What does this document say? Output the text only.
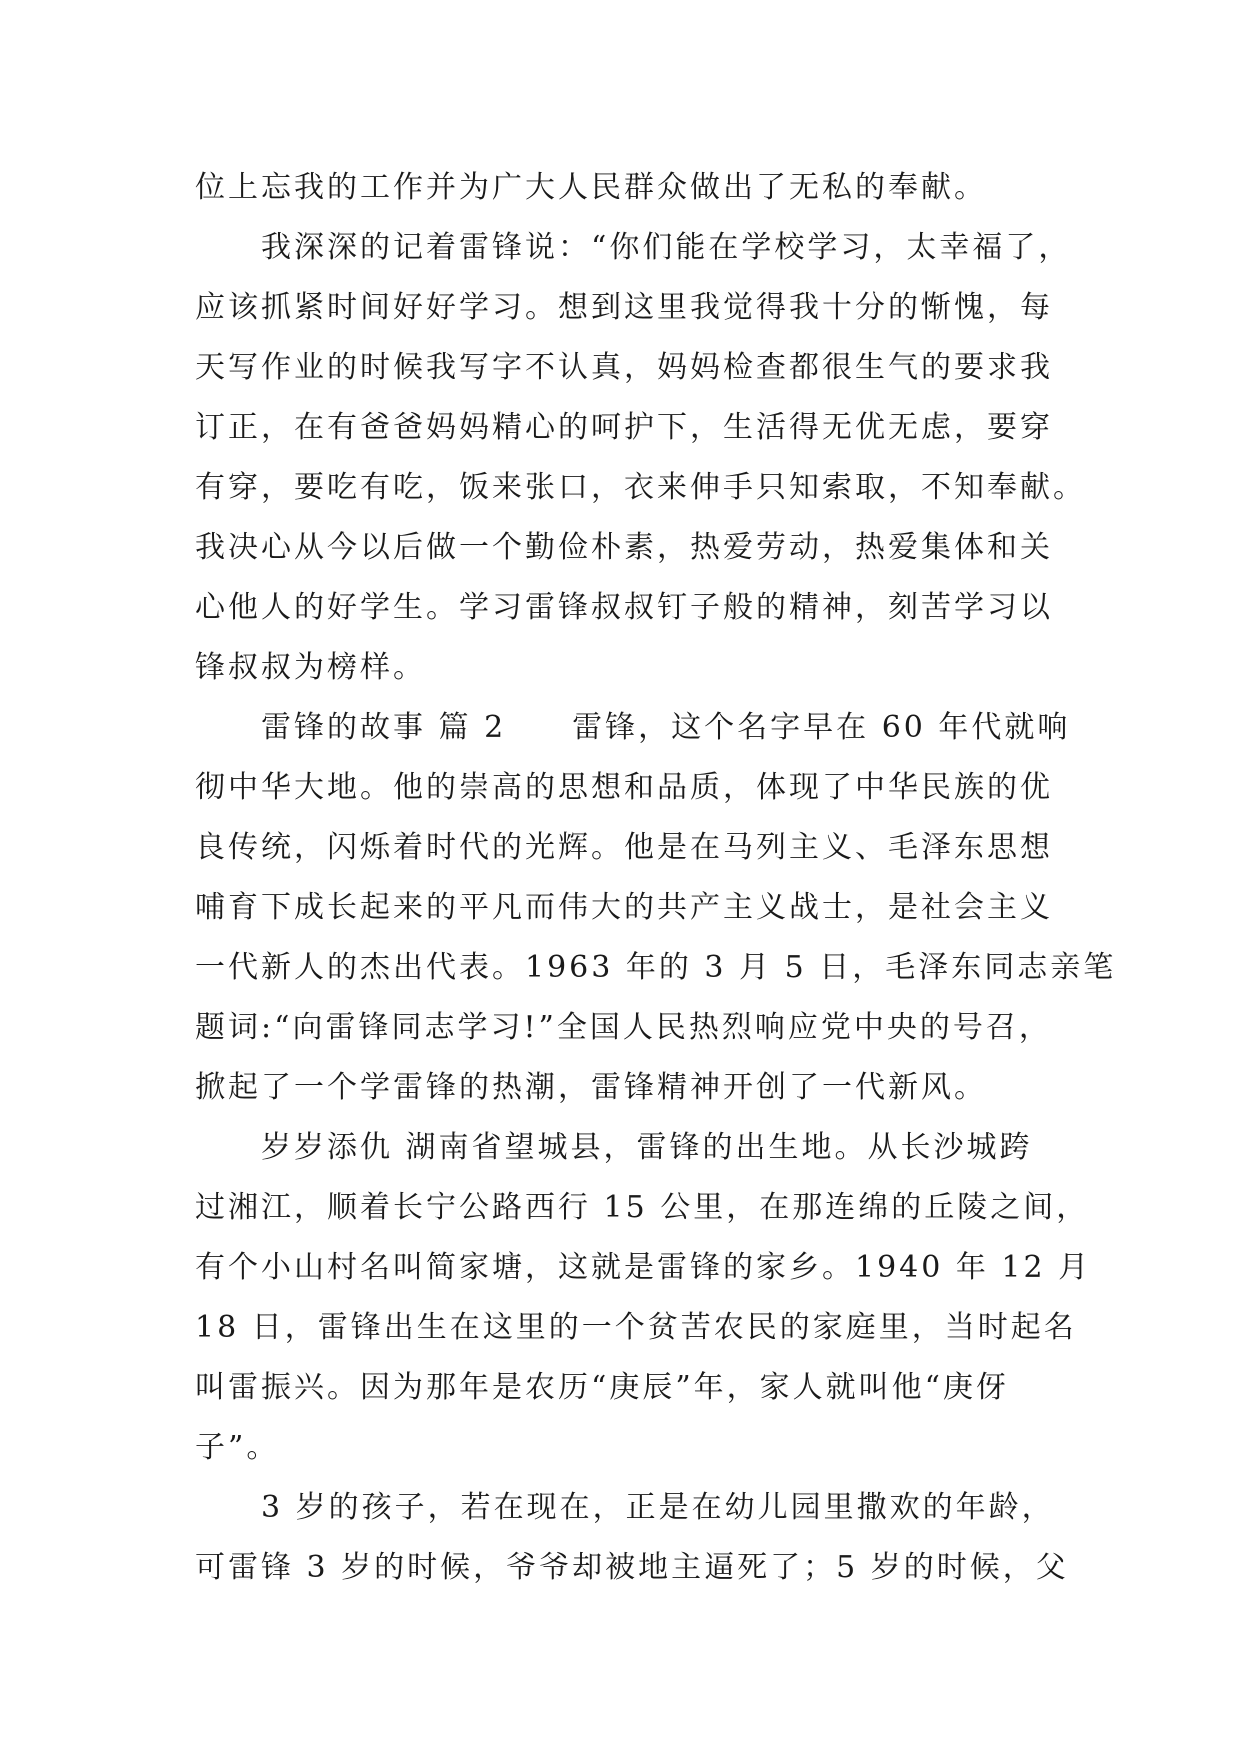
位上忘我的工作并为广大人民群众做出了无私的奉献。
我深深的记着雷锋说：“你们能在学校学习，太幸福了，
应该抓紧时间好好学习。想到这里我觉得我十分的惭愧，每
天写作业的时候我写字不认真，妈妈检查都很生气的要求我
订正，在有爸爸妈妈精心的呵护下，生活得无优无虑，要穿
有穿，要吃有吃，饭来张口，衣来伸手只知索取，不知奉献。
我决心从今以后做一个勤俭朴素，热爱劳动，热爱集体和关
心他人的好学生。学习雷锋叔叔钉子般的精神，刻苦学习以
锋叔叔为榜样。
雷锋的故事 篇 2　　雷锋，这个名字早在 60 年代就响
彻中华大地。他的崇高的思想和品质，体现了中华民族的优
良传统，闪烁着时代的光辉。他是在马列主义、毛泽东思想
哺育下成长起来的平凡而伟大的共产主义战士，是社会主义
一代新人的杰出代表。1963 年的 3 月 5 日，毛泽东同志亲笔
题词:“向雷锋同志学习!”全国人民热烈响应党中央的号召，
掀起了一个学雷锋的热潮，雷锋精神开创了一代新风。
岁岁添仇 湖南省望城县，雷锋的出生地。从长沙城跨
过湘江，顺着长宁公路西行 15 公里，在那连绵的丘陵之间，
有个小山村名叫简家塘，这就是雷锋的家乡。1940 年 12 月
18 日，雷锋出生在这里的一个贫苦农民的家庭里，当时起名
叫雷振兴。因为那年是农历“庚辰”年，家人就叫他“庚伢
子”。
3 岁的孩子，若在现在，正是在幼儿园里撒欢的年龄，
可雷锋 3 岁的时候，爷爷却被地主逼死了；5 岁的时候，父
